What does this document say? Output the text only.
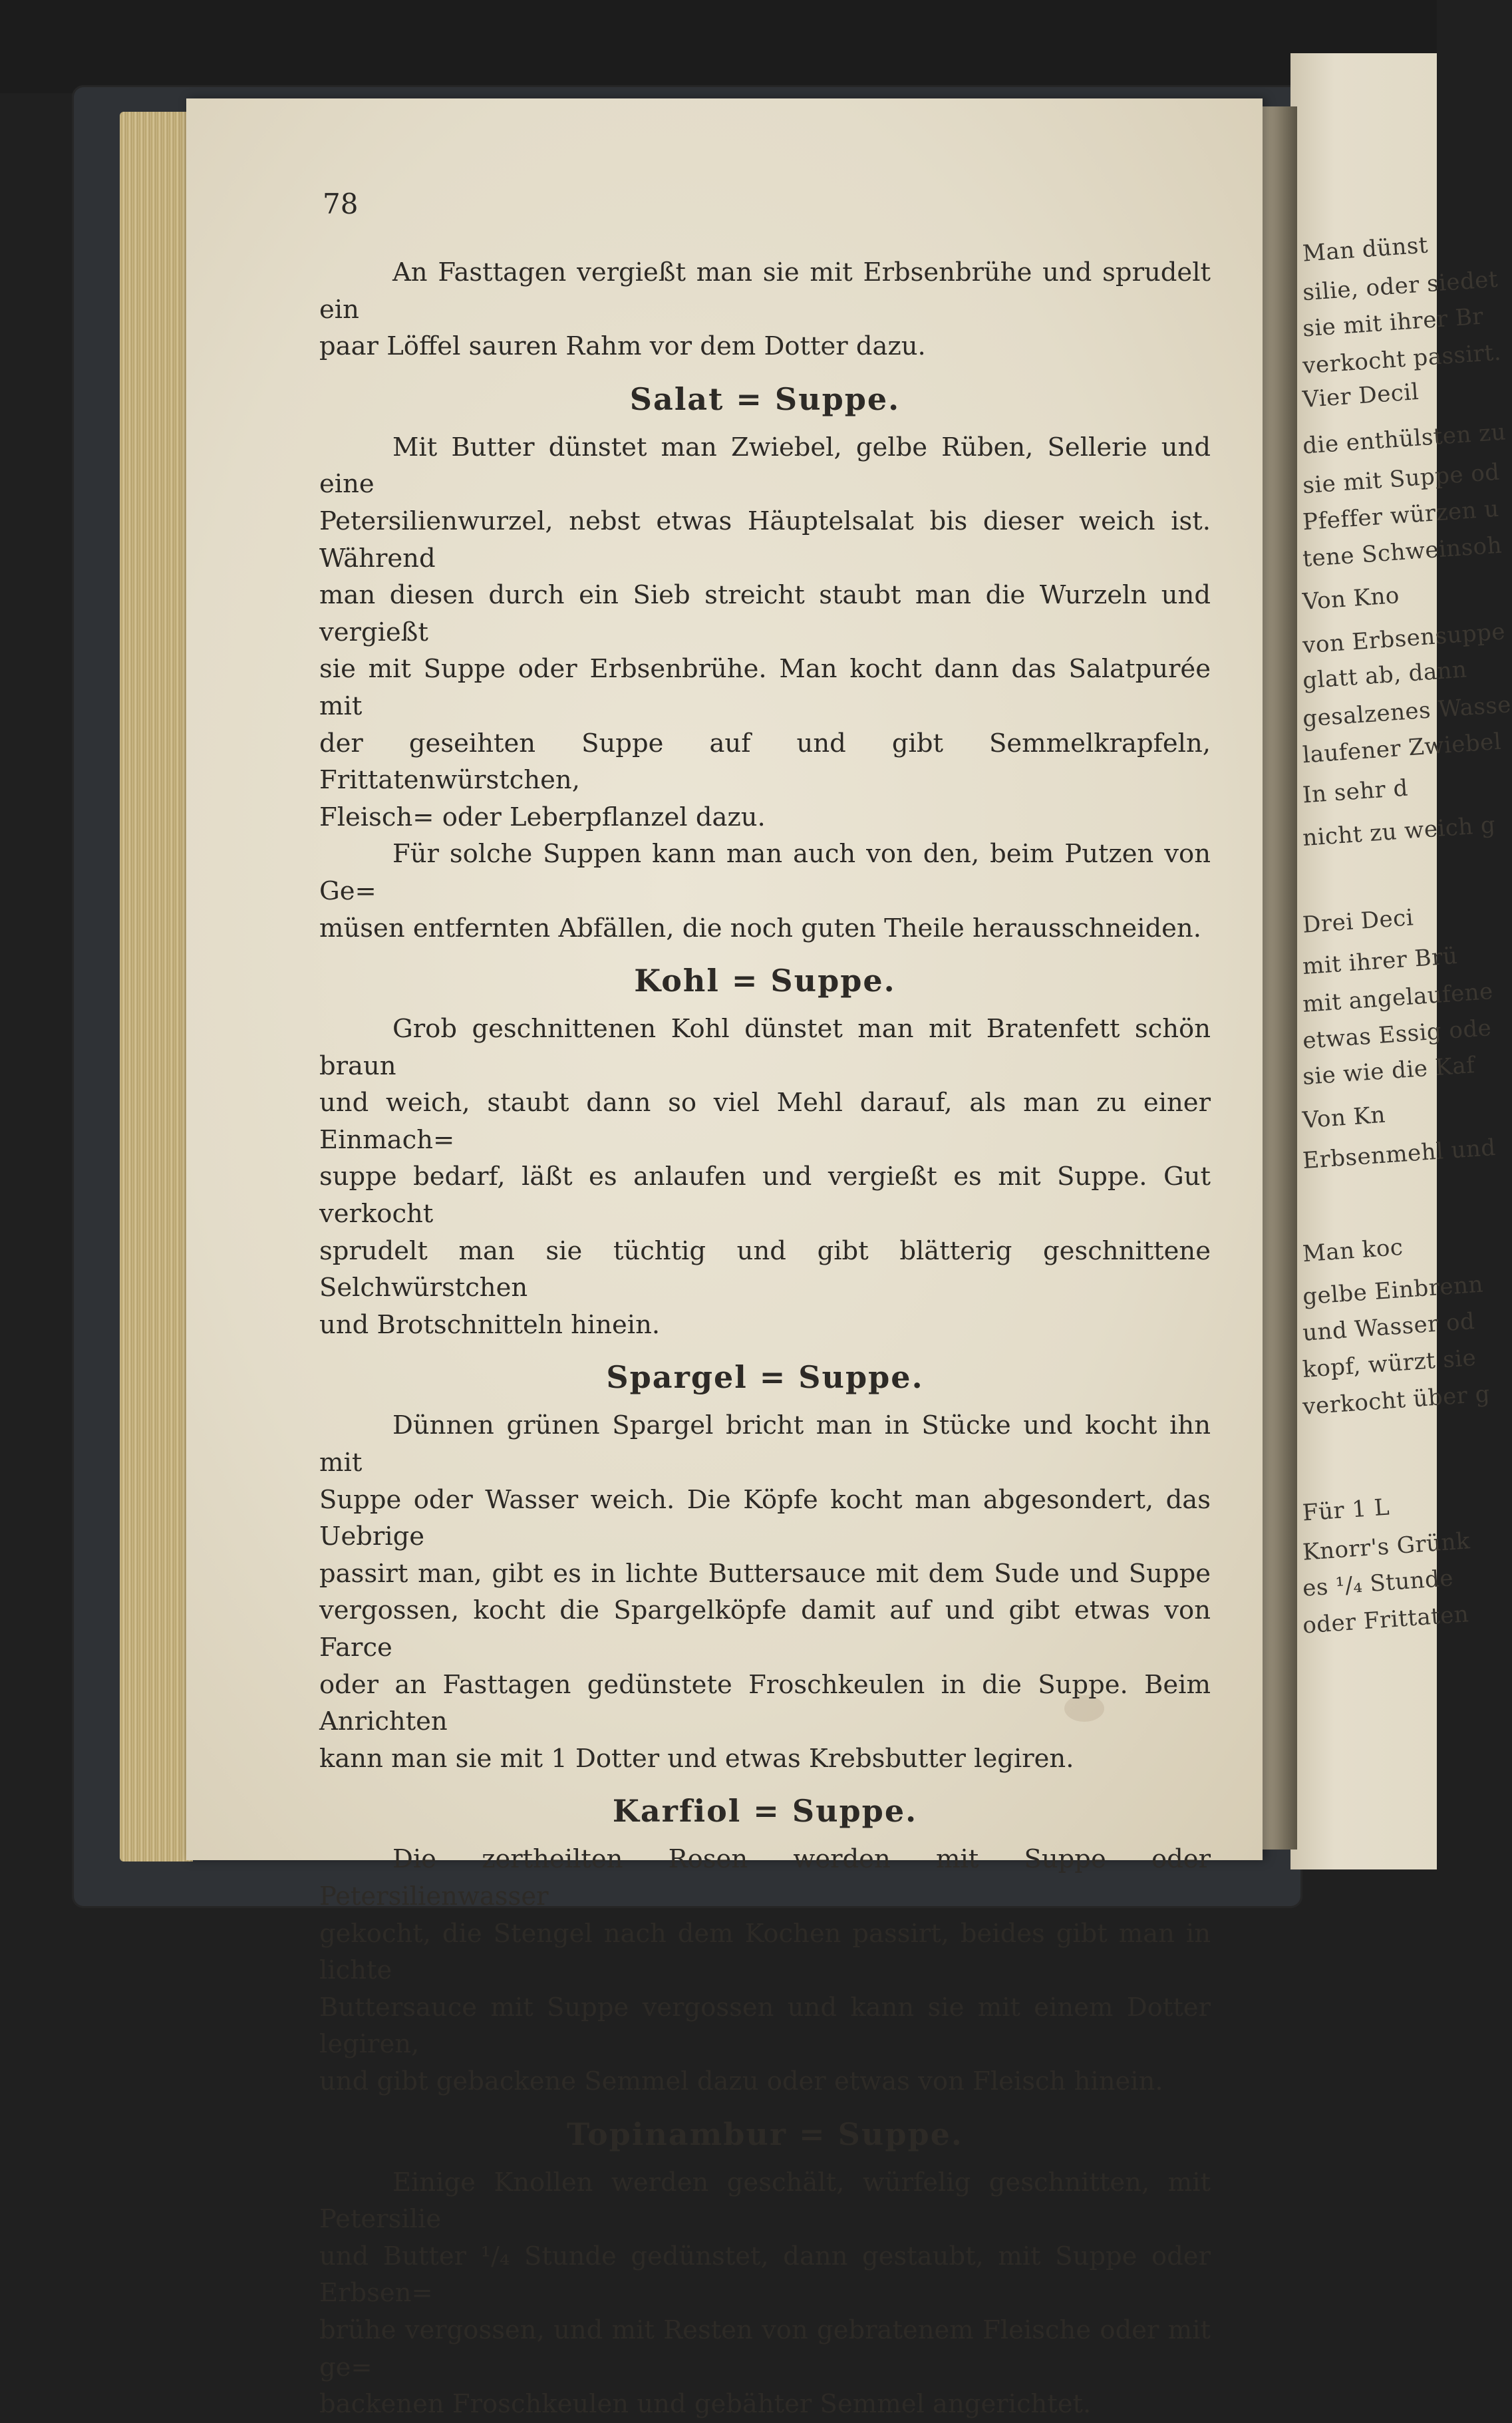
Man dünst
silie, oder siedet
sie mit ihrer Br
verkocht passirt.
Vier Decil
die enthülsten zu
sie mit Suppe od
Pfeffer würzen u
tene Schweinsoh
Von Kno
von Erbsensuppe
glatt ab, dann
gesalzenes Wasse
laufener Zwiebel
In sehr d
nicht zu weich g
Drei Deci
mit ihrer Brü
mit angelaufene
etwas Essig ode
sie wie die Kaf
Von Kn
Erbsenmehl und
Man koc
gelbe Einbrenn
und Wasser od
kopf, würzt sie
verkocht über g
Für 1 L
Knorr's Grünk
es ¹/₄ Stunde
oder Frittaten
78
An Fasttagen vergießt man sie mit Erbsenbrühe und sprudelt ein
paar Löffel sauren Rahm vor dem Dotter dazu.
Salat = Suppe.
Mit Butter dünstet man Zwiebel, gelbe Rüben, Sellerie und eine
Petersilienwurzel, nebst etwas Häuptelsalat bis dieser weich ist. Während
man diesen durch ein Sieb streicht staubt man die Wurzeln und vergießt
sie mit Suppe oder Erbsenbrühe. Man kocht dann das Salatpurée mit
der geseihten Suppe auf und gibt Semmelkrapfeln, Frittatenwürstchen,
Fleisch= oder Leberpflanzel dazu.
Für solche Suppen kann man auch von den, beim Putzen von Ge=
müsen entfernten Abfällen, die noch guten Theile herausschneiden.
Kohl = Suppe.
Grob geschnittenen Kohl dünstet man mit Bratenfett schön braun
und weich, staubt dann so viel Mehl darauf, als man zu einer Einmach=
suppe bedarf, läßt es anlaufen und vergießt es mit Suppe. Gut verkocht
sprudelt man sie tüchtig und gibt blätterig geschnittene Selchwürstchen
und Brotschnitteln hinein.
Spargel = Suppe.
Dünnen grünen Spargel bricht man in Stücke und kocht ihn mit
Suppe oder Wasser weich. Die Köpfe kocht man abgesondert, das Uebrige
passirt man, gibt es in lichte Buttersauce mit dem Sude und Suppe
vergossen, kocht die Spargelköpfe damit auf und gibt etwas von Farce
oder an Fasttagen gedünstete Froschkeulen in die Suppe. Beim Anrichten
kann man sie mit 1 Dotter und etwas Krebsbutter legiren.
Karfiol = Suppe.
Die zertheilten Rosen werden mit Suppe oder Petersilienwasser
gekocht, die Stengel nach dem Kochen passirt, beides gibt man in lichte
Buttersauce mit Suppe vergossen und kann sie mit einem Dotter legiren,
und gibt gebackene Semmel dazu oder etwas von Fleisch hinein.
Topinambur = Suppe.
Einige Knollen werden geschält, würfelig geschnitten, mit Petersilie
und Butter ¹/₄ Stunde gedünstet, dann gestaubt, mit Suppe oder Erbsen=
brühe vergossen, und mit Resten von gebratenem Fleische oder mit ge=
backenen Froschkeulen und gebähter Semmel angerichtet.
